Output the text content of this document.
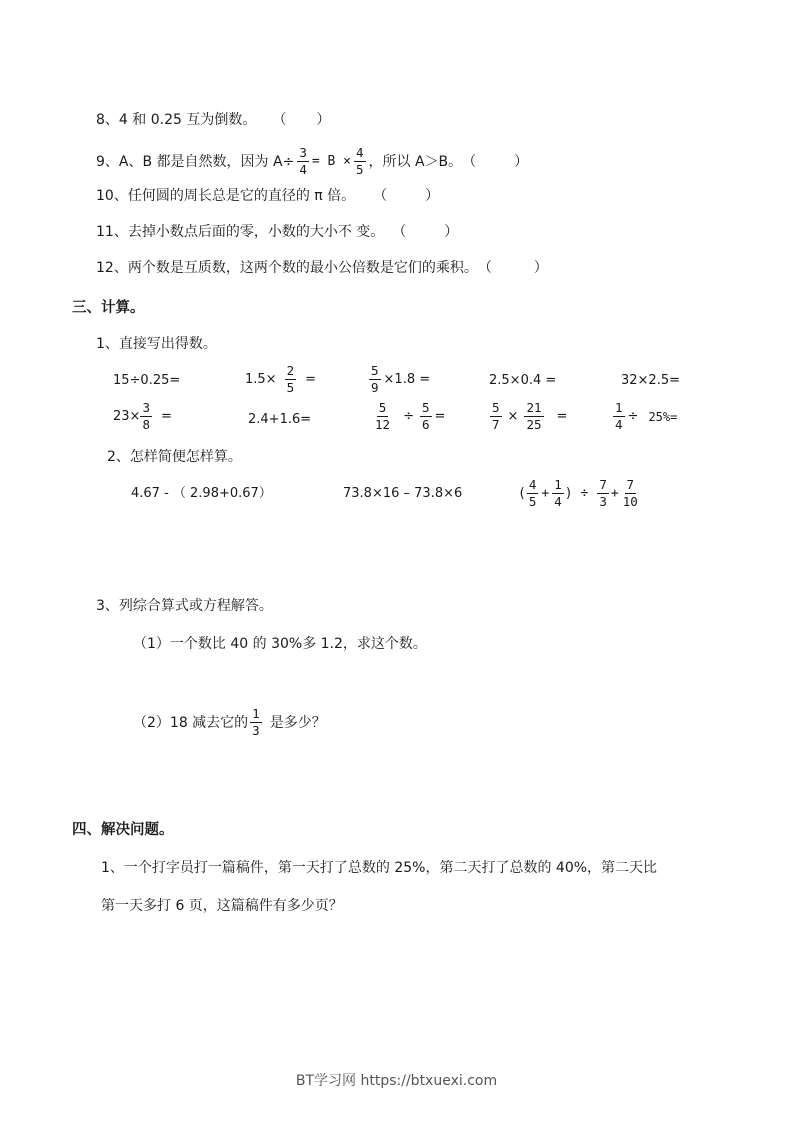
8、 4 和 0.25 互为倒数。 （ ）
9、 A、B 都是自然数，因为 $A\div \frac{3}{4} = B \times \frac{4}{5}$ ，所以 A＞B。 （	）
10、 任何圆的周长总是它的直径的 π 倍。 （	）
11、 去掉小数点后面的零，小数的大小不 变。 （	）
12、 两个数是互质数，这两个数的最小公倍数是它们的乘积。 （	）
三、计算。
1、直接写出得数。
15÷0.25=	$1.5\times \frac{2}{5}$ =	$\frac{5}{9} \times 1.8$ =	2.5×0.4 =	32×2.5=
$23\times \frac{3}{8}$ =	2.4+1.6=	$\frac{5}{12} \div \frac{5}{6}$ =	$\frac{5}{7} \times \frac{21}{25}$ =	$\frac{1}{4} \div 25\%=$
2、怎样简便怎样算。
4.67 - （ 2.98+0.67）	73.8×16 – 73.8×6	( $\frac{4}{5} + \frac{1}{4}$ ) ÷ $\frac{7}{3} + \frac{7}{10}$
3、列综合算式或方程解答。
（1）一个数比 40 的 30%多 1.2，求这个数。
（2）18 减去它的 $\frac{1}{3}$ 是多少？
四、解决问题。
1、一个打字员打一篇稿件，第一天打了总数的 25%，第二天打了总数的 40%，第二天比
第一天多打 6 页，这篇稿件有多少页？
BT学习网 https://btxuexi.com
